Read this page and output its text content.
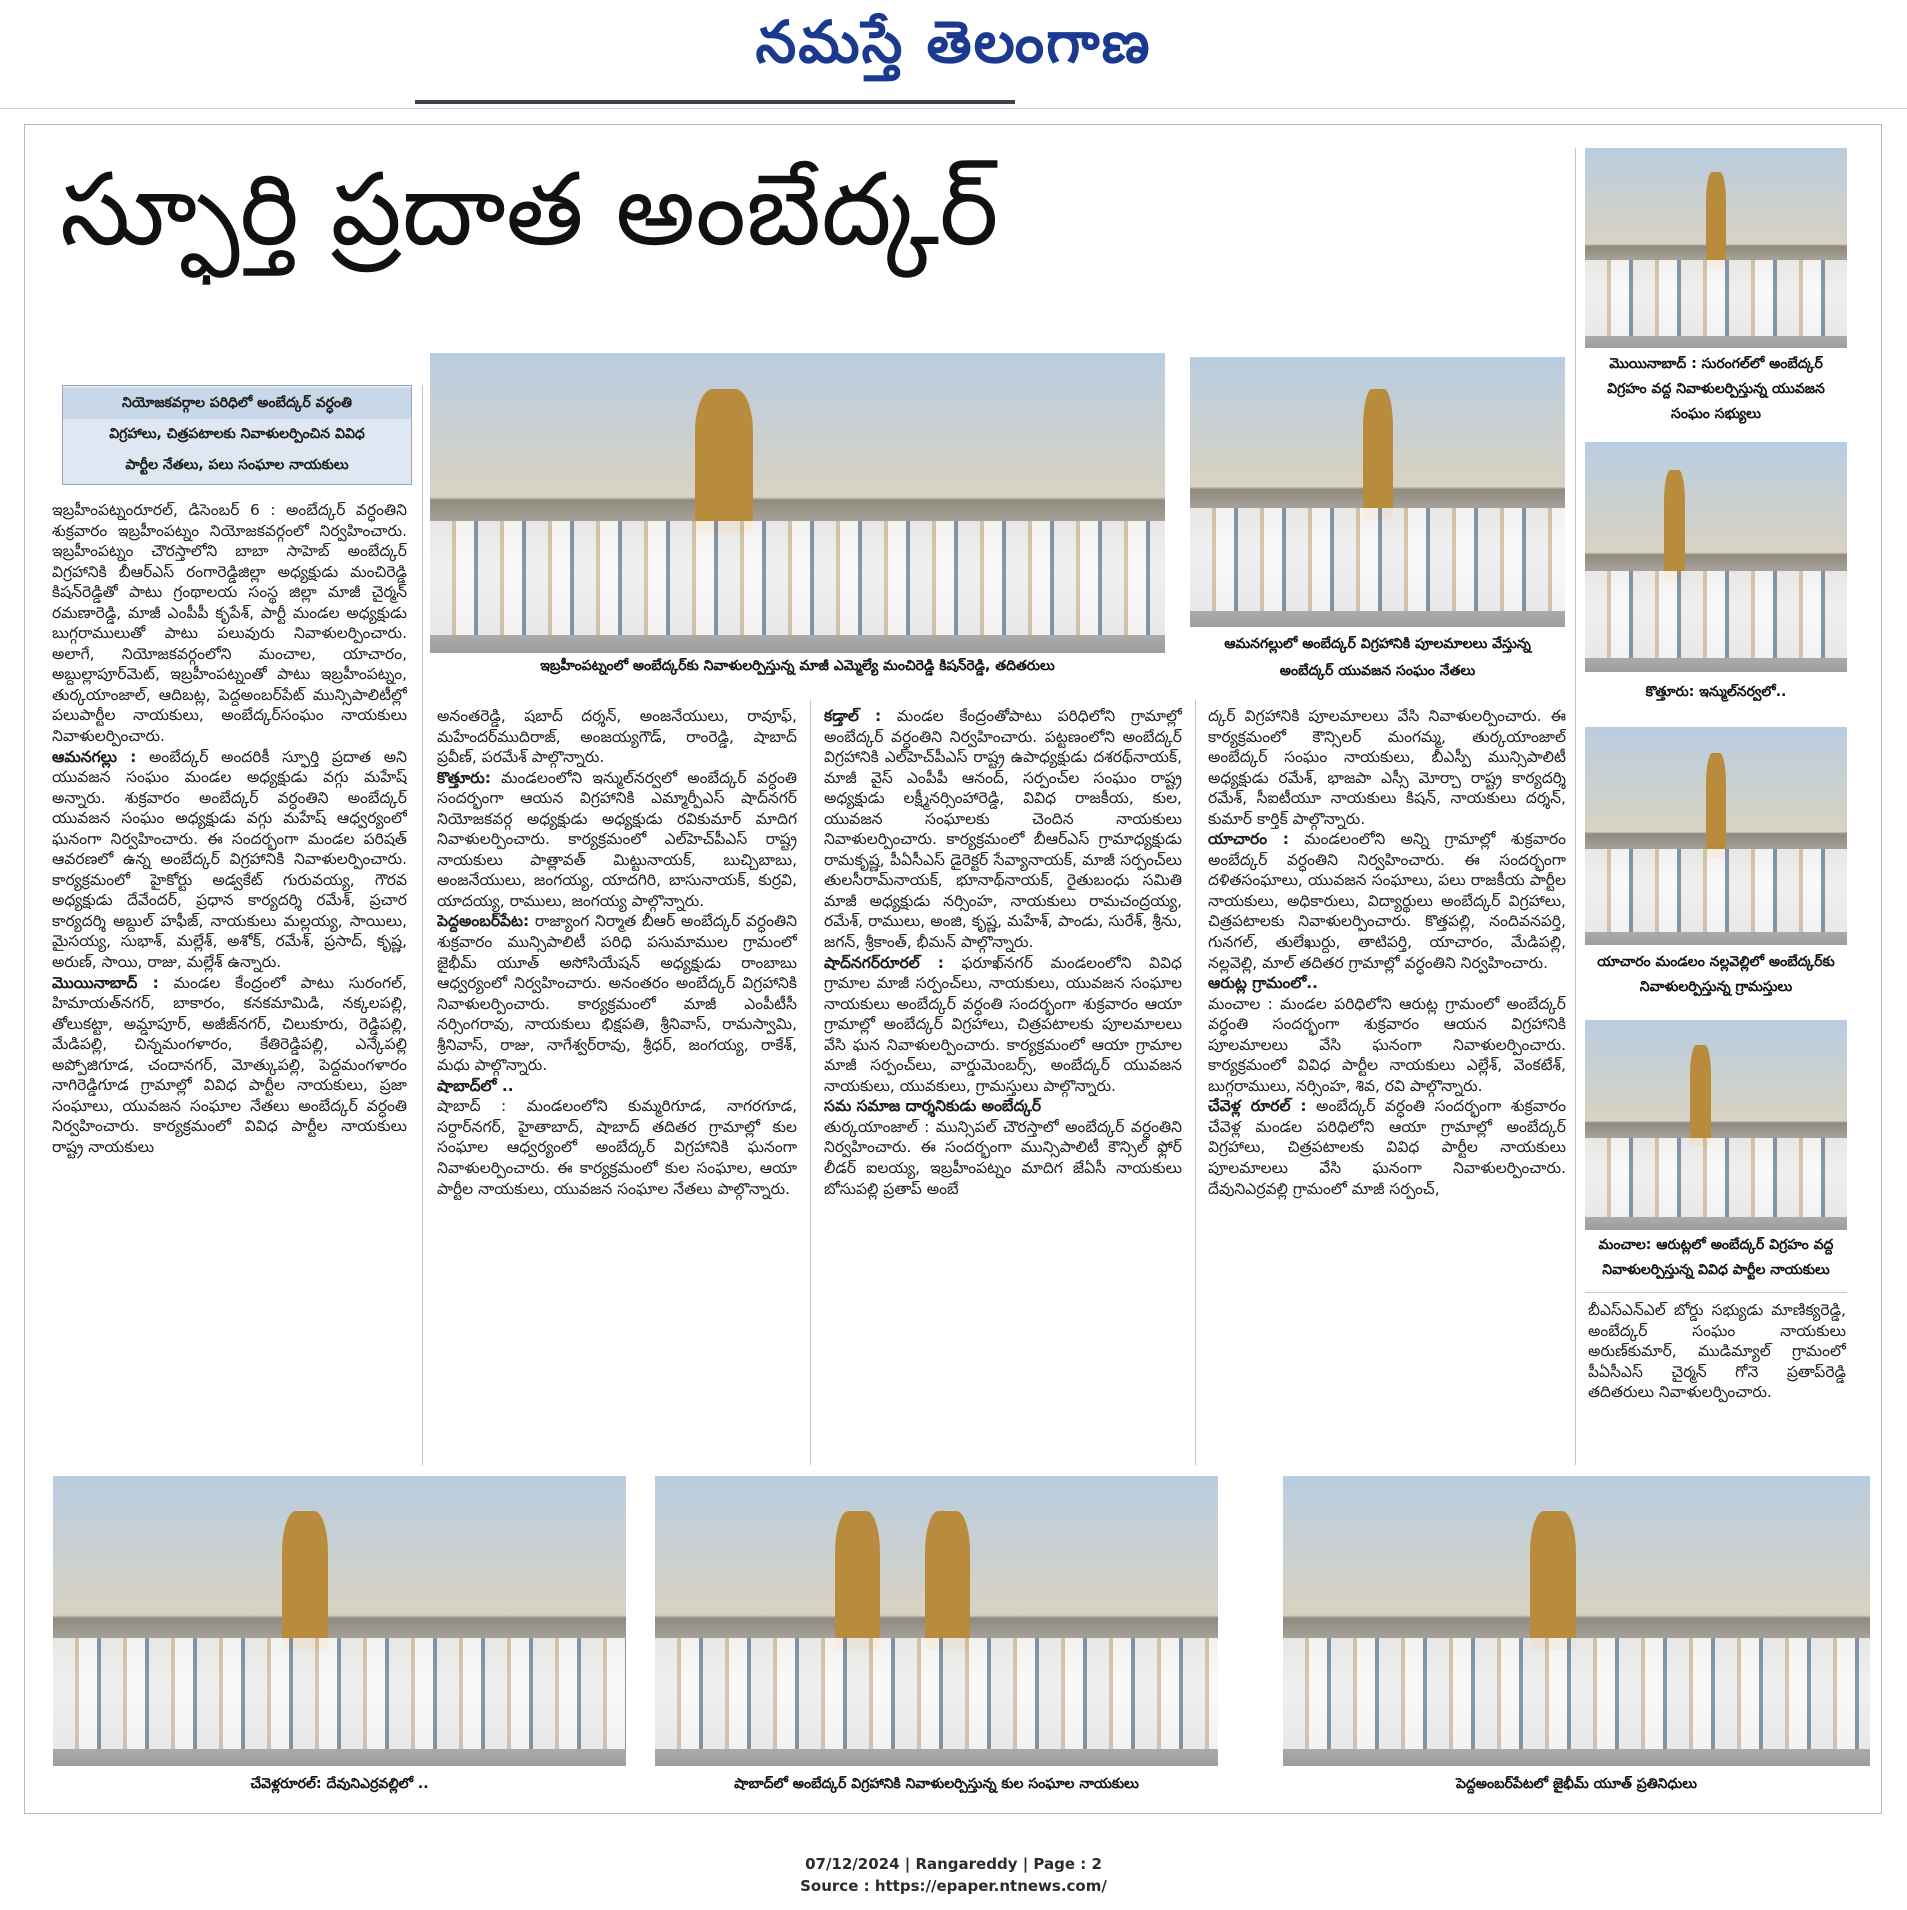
నమస్తే తెలంగాణ
స్ఫూర్తి ప్రదాత అంబేద్కర్
నియోజకవర్గాల పరిధిలో అంబేద్కర్ వర్ధంతి
విగ్రహాలు, చిత్రపటాలకు నివాళులర్పించిన వివిధ
పార్టీల నేతలు, పలు సంఘాల నాయకులు
ఇబ్రహీంపట్నంలో అంబేద్కర్‌కు నివాళులర్పిస్తున్న మాజీ ఎమ్మెల్యే మంచిరెడ్డి కిషన్‌రెడ్డి, తదితరులు
ఆమనగల్లులో అంబేద్కర్ విగ్రహానికి పూలమాలలు వేస్తున్న
అంబేద్కర్ యువజన సంఘం నేతలు
మొయినాబాద్ : సురంగల్‌లో అంబేద్కర్
విగ్రహం వద్ద నివాళులర్పిస్తున్న యువజన
సంఘం సభ్యులు
కొత్తూరు: ఇన్ముల్‌నర్వలో..
యాచారం మండలం నల్లవెల్లిలో అంబేద్కర్‌కు
నివాళులర్పిస్తున్న గ్రామస్తులు
మంచాల: ఆరుట్లలో అంబేద్కర్ విగ్రహం వద్ద
నివాళులర్పిస్తున్న వివిధ పార్టీల నాయకులు
చేవెళ్లరూరల్: దేవునిఎర్రవల్లిలో ..	షాబాద్‌లో అంబేద్కర్ విగ్రహానికి నివాళులర్పిస్తున్న కుల సంఘాల నాయకులు	పెద్దఅంబర్‌పేటలో జైభీమ్ యూత్ ప్రతినిధులు

ఇబ్రహీంపట్నంరూరల్, డిసెంబర్ 6 : అంబేద్కర్ వర్ధంతిని శుక్రవారం ఇబ్రహీంపట్నం నియోజకవర్గంలో నిర్వహించారు. ఇబ్రహీంపట్నం చౌరస్తాలోని బాబా సాహెబ్ అంబేద్కర్ విగ్రహానికి బీఆర్ఎస్ రంగారెడ్డిజిల్లా అధ్యక్షుడు మంచిరెడ్డి కిషన్‌రెడ్డితో పాటు గ్రంథాలయ సంస్థ జిల్లా మాజీ చైర్మన్ రమణారెడ్డి, మాజీ ఎంపీపీ కృపేశ్, పార్టీ మండల అధ్యక్షుడు బుగ్గరాములుతో పాటు పలువురు నివాళులర్పించారు. అలాగే, నియోజకవర్గంలోని మంచాల, యాచారం, అబ్దుల్లాపూర్‌మెట్, ఇబ్రహీంపట్నంతో పాటు ఇబ్రహీంపట్నం, తుర్కయాంజాల్, ఆదిబట్ల, పెద్దఅంబర్‌పేట్ మున్సిపాలిటీల్లో పలుపార్టీల నాయకులు, అంబేద్కర్‌సంఘం నాయకులు నివాళులర్పించారు.

ఆమనగల్లు : అంబేద్కర్ అందరికీ స్ఫూర్తి ప్రదాత అని యువజన సంఘం మండల అధ్యక్షుడు వగ్గు మహేష్ అన్నారు. శుక్రవారం అంబేద్కర్ వర్ధంతిని అంబేద్కర్ యువజన సంఘం అధ్యక్షుడు వగ్గు మహేష్ ఆధ్వర్యంలో ఘనంగా నిర్వహించారు. ఈ సందర్భంగా మండల పరిషత్ ఆవరణలో ఉన్న అంబేద్కర్ విగ్రహానికి నివాళులర్పించారు. కార్యక్రమంలో హైకోర్టు అడ్వకేట్ గురువయ్య, గౌరవ అధ్యక్షుడు దేవేందర్, ప్రధాన కార్యదర్శి రమేశ్, ప్రచార కార్యదర్శి అబ్దుల్ హఫీజ్, నాయకులు మల్లయ్య, సాయిలు, మైసయ్య, సుభాశ్, మల్లేశ్, అశోక్, రమేశ్, ప్రసాద్, కృష్ణ, అరుణ్, సాయి, రాజు, మల్లేశ్ ఉన్నారు.

మొయినాబాద్ : మండల కేంద్రంలో పాటు సురంగల్, హిమాయత్‌నగర్, బాకారం, కనకమామిడి, నక్కలపల్లి, తోలుకట్టా, అమ్డాపూర్, అజీజ్‌నగర్, చిలుకూరు, రెడ్డిపల్లి, మేడిపల్లి, చిన్నమంగళారం, కేతిరెడ్డిపల్లి, ఎన్కేపల్లి అప్పోజిగూడ, చందానగర్, మోత్కుపల్లి, పెద్దమంగళారం నాగిరెడ్డిగూడ గ్రామాల్లో వివిధ పార్టీల నాయకులు, ప్రజా సంఘాలు, యువజన సంఘాల నేతలు అంబేద్కర్ వర్ధంతి నిర్వహించారు. కార్యక్రమంలో వివిధ పార్టీల నాయకులు రాష్ట్ర నాయకులు

అనంతరెడ్డి, షబాద్ దర్శన్, అంజనేయులు, రావూఫ్, మహేందర్‌ముదిరాజ్, అంజయ్యగౌడ్, రాంరెడ్డి, షాబాద్ ప్రవీణ్, పరమేశ్ పాల్గొన్నారు.

కొత్తూరు: మండలంలోని ఇన్ముల్‌నర్వలో అంబేద్కర్ వర్ధంతి సందర్భంగా ఆయన విగ్రహానికి ఎమ్మార్పీఎస్ షాద్‌నగర్ నియోజకవర్గ అధ్యక్షుడు అధ్యక్షుడు రవికుమార్ మాదిగ నివాళులర్పించారు. కార్యక్రమంలో ఎల్‌హెచ్‌పీఎస్ రాష్ట్ర నాయకులు పాత్లావత్ మిట్టునాయక్, బుచ్చిబాబు, అంజనేయులు, జంగయ్య, యాదగిరి, బాసునాయక్, కుర్రవి, యాదయ్య, రాములు, జంగయ్య పాల్గొన్నారు.

పెద్దఅంబర్‌పేట: రాజ్యాంగ నిర్మాత బీఆర్ అంబేద్కర్ వర్ధంతిని శుక్రవారం మున్సిపాలిటీ పరిధి పసుమాముల గ్రామంలో జైభీమ్ యూత్ అసోసియేషన్ అధ్యక్షుడు రాంబాబు ఆధ్వర్యంలో నిర్వహించారు. అనంతరం అంబేద్కర్ విగ్రహానికి నివాళులర్పించారు. కార్యక్రమంలో మాజీ ఎంపీటీసీ నర్సింగరావు, నాయకులు భిక్షపతి, శ్రీనివాస్, రామస్వామి, శ్రీనివాస్, రాజు, నాగేశ్వర్‌రావు, శ్రీధర్, జంగయ్య, రాకేశ్, మధు పాల్గొన్నారు.

షాబాద్‌లో ..

షాబాద్ : మండలంలోని కుమ్మరిగూడ, నాగరగూడ, సర్దార్‌నగర్, హైతాబాద్, షాబాద్ తదితర గ్రామాల్లో కుల సంఘాల ఆధ్వర్యంలో అంబేద్కర్ విగ్రహానికి ఘనంగా నివాళులర్పించారు. ఈ కార్యక్రమంలో కుల సంఘాల, ఆయా పార్టీల నాయకులు, యువజన సంఘాల నేతలు పాల్గొన్నారు.

కడ్తాల్ : మండల కేంద్రంతోపాటు పరిధిలోని గ్రామాల్లో అంబేద్కర్ వర్ధంతిని నిర్వహించారు. పట్టణంలోని అంబేద్కర్ విగ్రహానికి ఎల్‌హెచ్‌పీఎస్ రాష్ట్ర ఉపాధ్యక్షుడు దశరథ్‌నాయక్, మాజీ వైస్ ఎంపీపీ ఆనంద్, సర్పంచ్‌ల సంఘం రాష్ట్ర అధ్యక్షుడు లక్ష్మీనర్సింహారెడ్డి, వివిధ రాజకీయ, కుల, యువజన సంఘాలకు చెందిన నాయకులు నివాళులర్పించారు. కార్యక్రమంలో బీఆర్ఎస్ గ్రామాధ్యక్షుడు రామకృష్ణ, పీఏసీఎస్ డైరెక్టర్ సేవ్యానాయక్, మాజీ సర్పంచ్‌లు తులసీరామ్‌నాయక్, భూనాథ్‌నాయక్, రైతుబంధు సమితి మాజీ అధ్యక్షుడు నర్సింహ, నాయకులు రామచంద్రయ్య, రమేశ్, రాములు, అంజి, కృష్ణ, మహేశ్, పాండు, సురేశ్, శ్రీను, జగన్, శ్రీకాంత్, భీమన్ పాల్గొన్నారు.

షాద్‌నగర్‌రూరల్ : ఫరూఖ్‌నగర్ మండలంలోని వివిధ గ్రామాల మాజీ సర్పంచ్‌లు, నాయకులు, యువజన సంఘాల నాయకులు అంబేద్కర్ వర్ధంతి సందర్భంగా శుక్రవారం ఆయా గ్రామాల్లో అంబేద్కర్ విగ్రహాలు, చిత్రపటాలకు పూలమాలలు వేసి ఘన నివాళులర్పించారు. కార్యక్రమంలో ఆయా గ్రామాల మాజీ సర్పంచ్‌లు, వార్డుమెంబర్స్, అంబేద్కర్ యువజన నాయకులు, యువకులు, గ్రామస్తులు పాల్గొన్నారు.

సమ సమాజ దార్శనికుడు అంబేద్కర్

తుర్కయాంజాల్ : మున్సిపల్ చౌరస్తాలో అంబేద్కర్ వర్ధంతిని నిర్వహించారు. ఈ సందర్భంగా మున్సిపాలిటీ కౌన్సిల్ ఫ్లోర్ లీడర్ ఐలయ్య, ఇబ్రహీంపట్నం మాదిగ జేఏసీ నాయకులు బోసుపల్లి ప్రతాప్ అంబే

ద్కర్ విగ్రహానికి పూలమాలలు వేసి నివాళులర్పించారు. ఈ కార్యక్రమంలో కౌన్సిలర్ మంగమ్మ, తుర్కయాంజాల్ అంబేద్కర్ సంఘం నాయకులు, బీఎస్పీ మున్సిపాలిటీ అధ్యక్షుడు రమేశ్, భాజపా ఎస్సీ మోర్చా రాష్ట్ర కార్యదర్శి రమేశ్, సీఐటీయూ నాయకులు కిషన్, నాయకులు దర్శన్, కుమార్ కార్తిక్ పాల్గొన్నారు.

యాచారం : మండలంలోని అన్ని గ్రామాల్లో శుక్రవారం అంబేద్కర్ వర్ధంతిని నిర్వహించారు. ఈ సందర్భంగా దళితసంఘాలు, యువజన సంఘాలు, పలు రాజకీయ పార్టీల నాయకులు, అధికారులు, విద్యార్థులు అంబేద్కర్ విగ్రహాలు, చిత్రపటాలకు నివాళులర్పించారు. కొత్తపల్లి, నందివనపర్తి, గునగల్, తులేఖుర్దు, తాటిపర్తి, యాచారం, మేడిపల్లి, నల్లవెల్లి, మాల్ తదితర గ్రామాల్లో వర్ధంతిని నిర్వహించారు.

ఆరుట్ల గ్రామంలో..

మంచాల : మండల పరిధిలోని ఆరుట్ల గ్రామంలో అంబేద్కర్ వర్ధంతి సందర్భంగా శుక్రవారం ఆయన విగ్రహానికి పూలమాలలు వేసి ఘనంగా నివాళులర్పించారు. కార్యక్రమంలో వివిధ పార్టీల నాయకులు ఎల్లేశ్, వెంకటేశ్, బుగ్గరాములు, నర్సింహ, శివ, రవి పాల్గొన్నారు.

చేవెళ్ల రూరల్ : అంబేద్కర్ వర్ధంతి సందర్భంగా శుక్రవారం చేవెళ్ల మండల పరిధిలోని ఆయా గ్రామాల్లో అంబేద్కర్ విగ్రహాలు, చిత్రపటాలకు వివిధ పార్టీల నాయకులు పూలమాలలు వేసి ఘనంగా నివాళులర్పించారు. దేవునిఎర్రవల్లి గ్రామంలో మాజీ సర్పంచ్,

బీఎస్ఎన్ఎల్ బోర్డు సభ్యుడు మాణిక్యరెడ్డి, అంబేద్కర్ సంఘం నాయకులు అరుణ్‌కుమార్, ముడిమ్యాల్ గ్రామంలో పీఏసీఎస్ చైర్మన్ గోనె ప్రతాప్‌రెడ్డి తదితరులు నివాళులర్పించారు.

07/12/2024 | Rangareddy | Page : 2
Source : https://epaper.ntnews.com/
